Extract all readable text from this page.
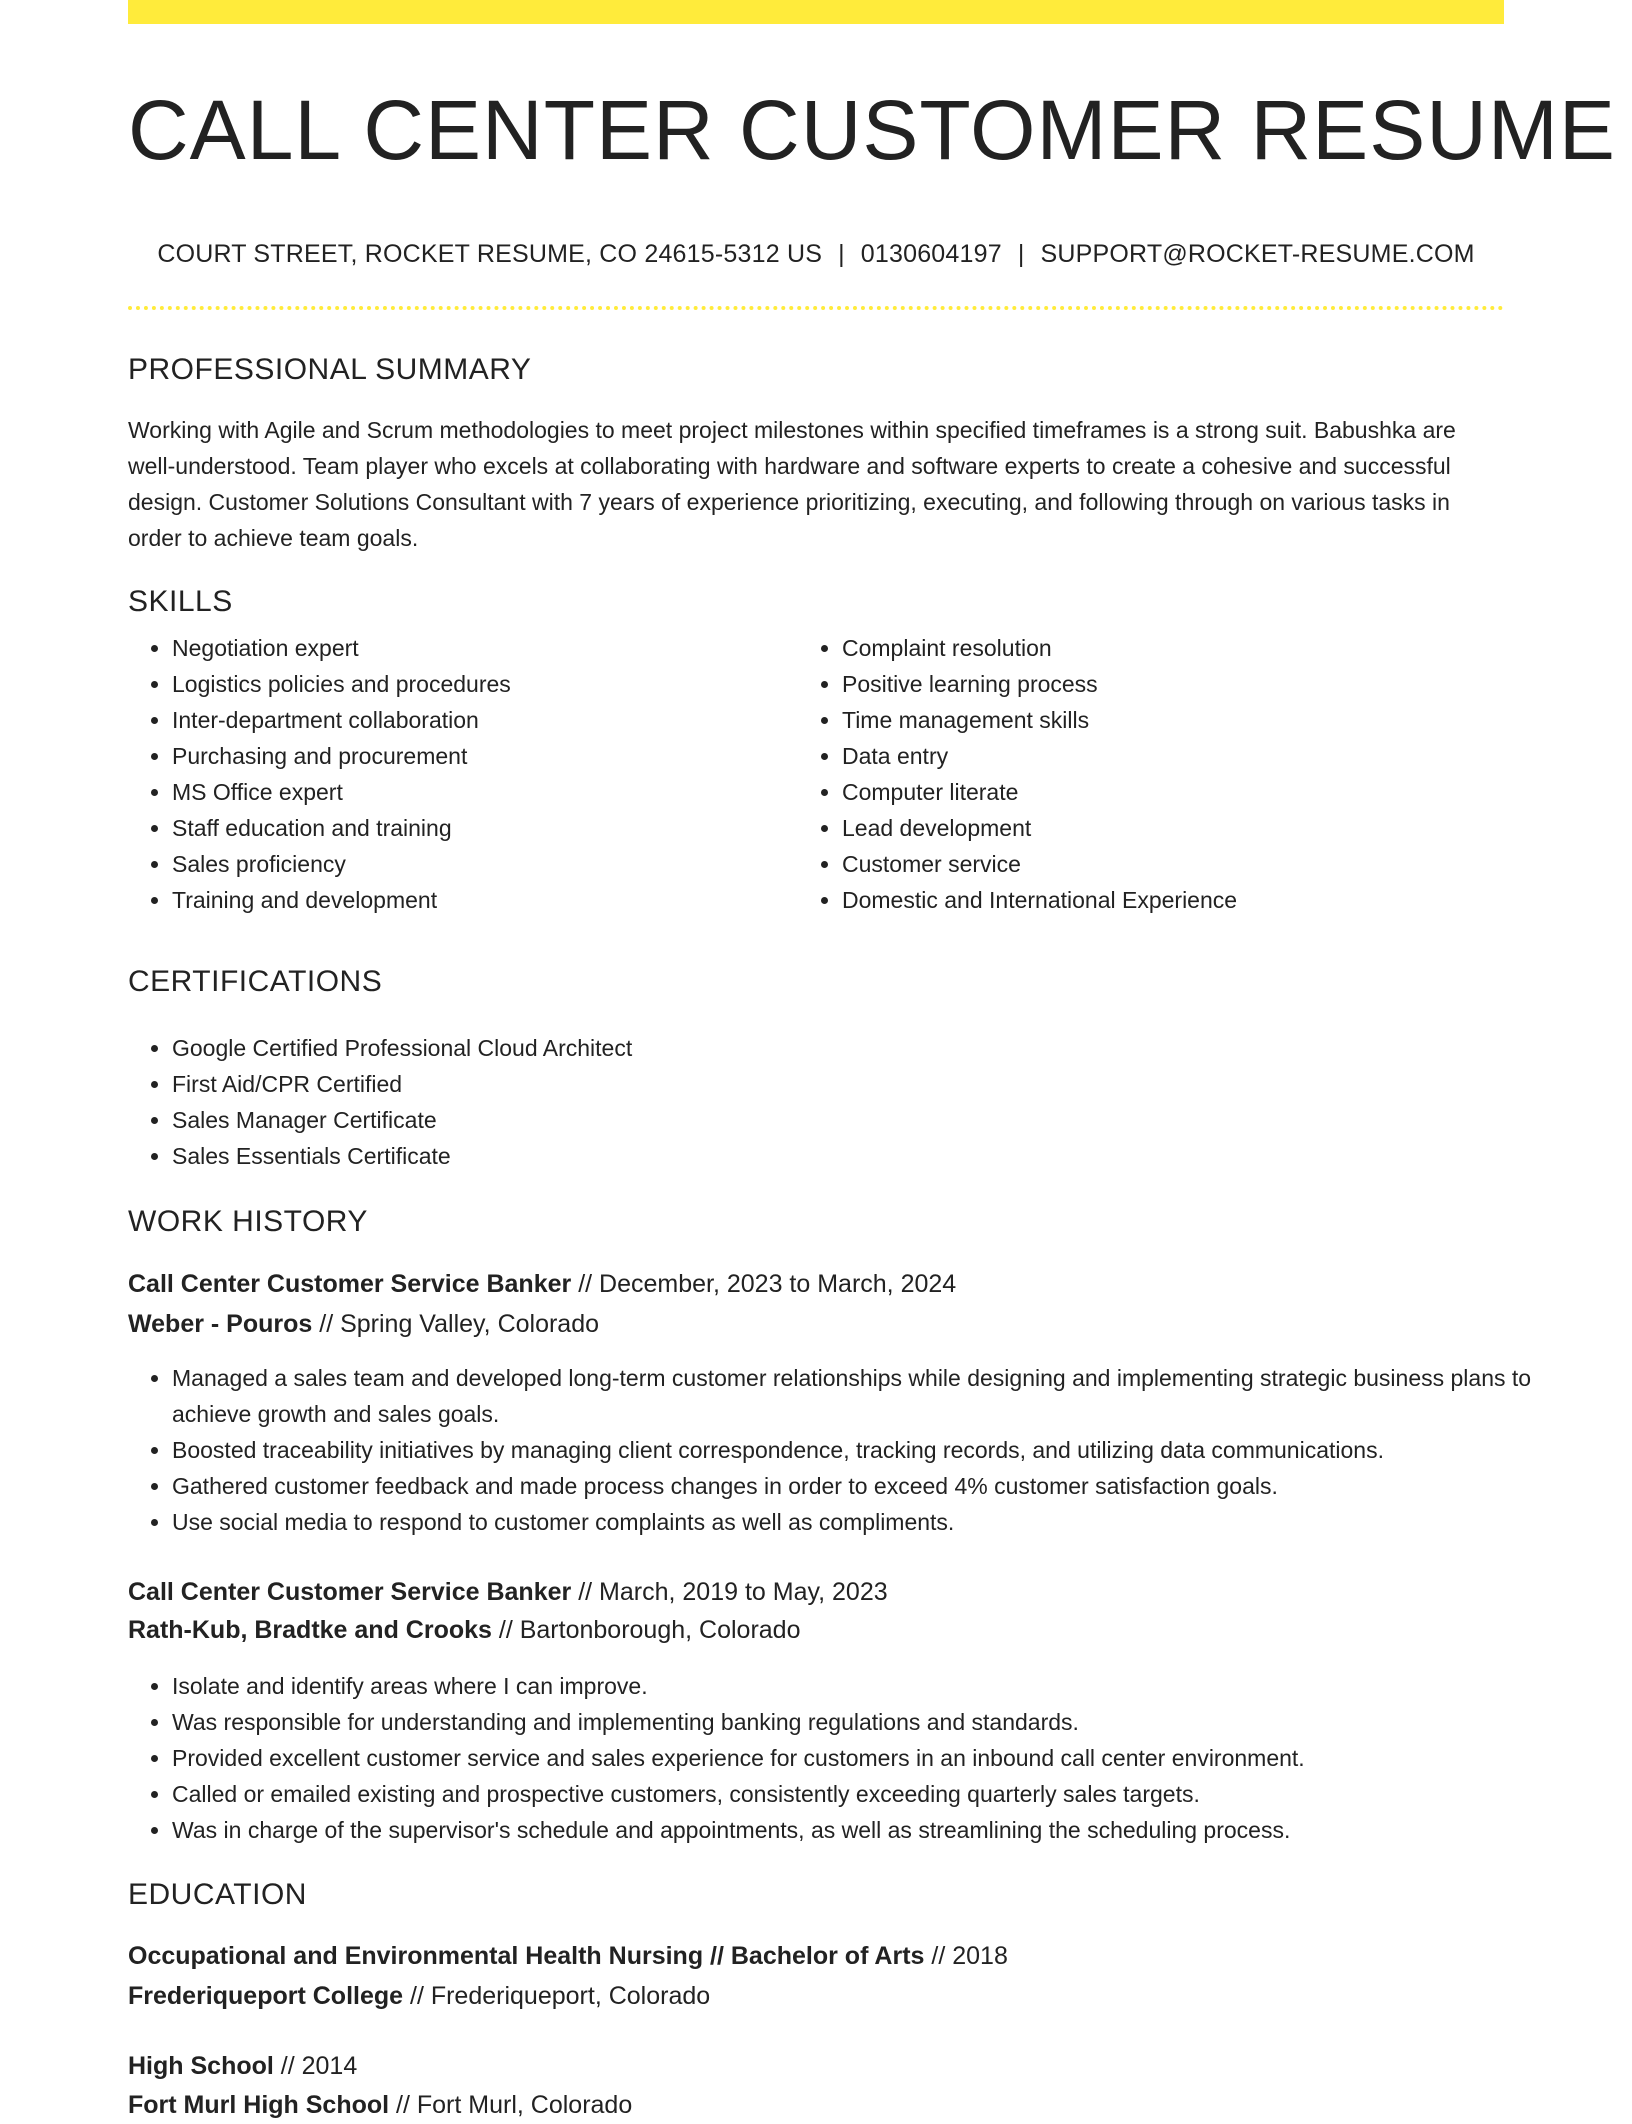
CALL CENTER CUSTOMER RESUME
COURT STREET, ROCKET RESUME, CO 24615-5312 US | 0130604197 | SUPPORT@ROCKET-RESUME.COM
PROFESSIONAL SUMMARY
Working with Agile and Scrum methodologies to meet project milestones within specified timeframes is a strong suit. Babushka are well-understood. Team player who excels at collaborating with hardware and software experts to create a cohesive and successful design. Customer Solutions Consultant with 7 years of experience prioritizing, executing, and following through on various tasks in order to achieve team goals.
SKILLS
• Negotiation expert
• Logistics policies and procedures
• Inter-department collaboration
• Purchasing and procurement
• MS Office expert
• Staff education and training
• Sales proficiency
• Training and development
• Complaint resolution
• Positive learning process
• Time management skills
• Data entry
• Computer literate
• Lead development
• Customer service
• Domestic and International Experience
CERTIFICATIONS
• Google Certified Professional Cloud Architect
• First Aid/CPR Certified
• Sales Manager Certificate
• Sales Essentials Certificate
WORK HISTORY
Call Center Customer Service Banker // December, 2023 to March, 2024
Weber - Pouros // Spring Valley, Colorado
• Managed a sales team and developed long-term customer relationships while designing and implementing strategic business plans to achieve growth and sales goals.
• Boosted traceability initiatives by managing client correspondence, tracking records, and utilizing data communications.
• Gathered customer feedback and made process changes in order to exceed 4% customer satisfaction goals.
• Use social media to respond to customer complaints as well as compliments.
Call Center Customer Service Banker // March, 2019 to May, 2023
Rath-Kub, Bradtke and Crooks // Bartonborough, Colorado
• Isolate and identify areas where I can improve.
• Was responsible for understanding and implementing banking regulations and standards.
• Provided excellent customer service and sales experience for customers in an inbound call center environment.
• Called or emailed existing and prospective customers, consistently exceeding quarterly sales targets.
• Was in charge of the supervisor's schedule and appointments, as well as streamlining the scheduling process.
EDUCATION
Occupational and Environmental Health Nursing // Bachelor of Arts // 2018
Frederiqueport College // Frederiqueport, Colorado
High School // 2014
Fort Murl High School // Fort Murl, Colorado
